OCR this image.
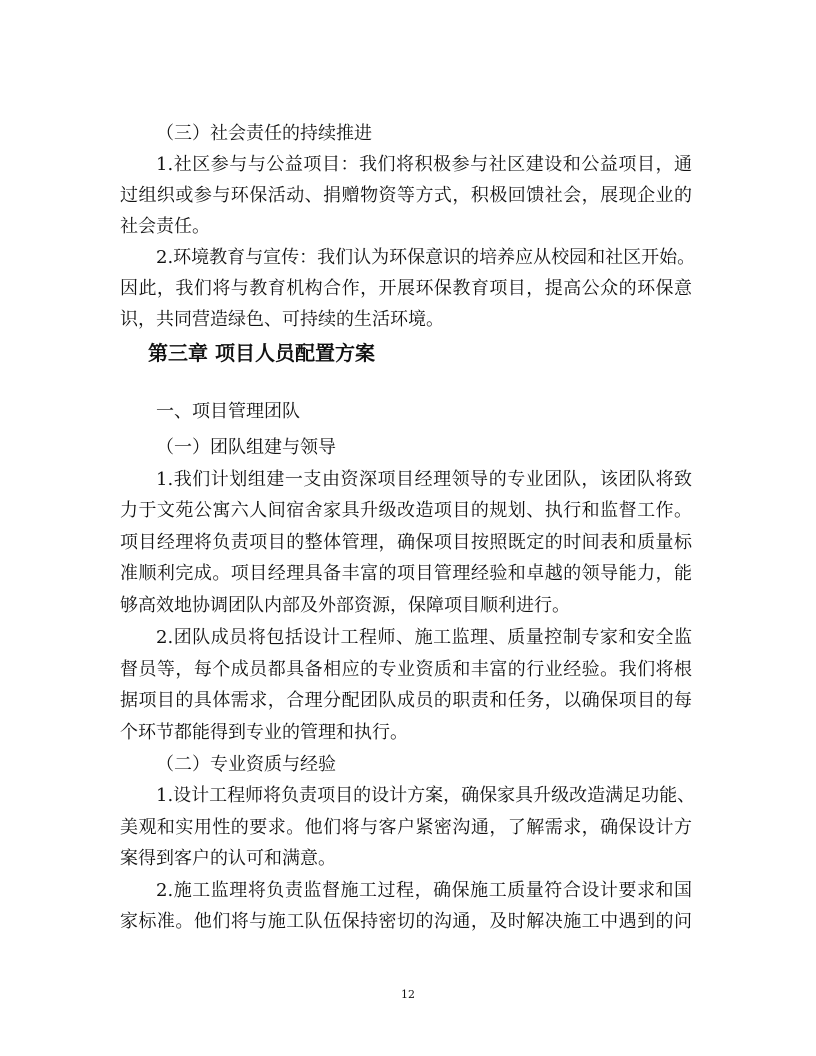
第三章 项目人员配置方案
12
（三）社会责任的持续推进
1.社区参与与公益项目：我们将积极参与社区建设和公益项目，通
过组织或参与环保活动、捐赠物资等方式，积极回馈社会，展现企业的
社会责任。
2.环境教育与宣传：我们认为环保意识的培养应从校园和社区开始。
因此，我们将与教育机构合作，开展环保教育项目，提高公众的环保意
识，共同营造绿色、可持续的生活环境。
一、项目管理团队
（一）团队组建与领导
1.我们计划组建一支由资深项目经理领导的专业团队，该团队将致
力于文苑公寓六人间宿舍家具升级改造项目的规划、执行和监督工作。
项目经理将负责项目的整体管理，确保项目按照既定的时间表和质量标
准顺利完成。项目经理具备丰富的项目管理经验和卓越的领导能力，能
够高效地协调团队内部及外部资源，保障项目顺利进行。
2.团队成员将包括设计工程师、施工监理、质量控制专家和安全监
督员等，每个成员都具备相应的专业资质和丰富的行业经验。我们将根
据项目的具体需求，合理分配团队成员的职责和任务，以确保项目的每
个环节都能得到专业的管理和执行。
（二）专业资质与经验
1.设计工程师将负责项目的设计方案，确保家具升级改造满足功能、
美观和实用性的要求。他们将与客户紧密沟通，了解需求，确保设计方
案得到客户的认可和满意。
2.施工监理将负责监督施工过程，确保施工质量符合设计要求和国
家标准。他们将与施工队伍保持密切的沟通，及时解决施工中遇到的问
